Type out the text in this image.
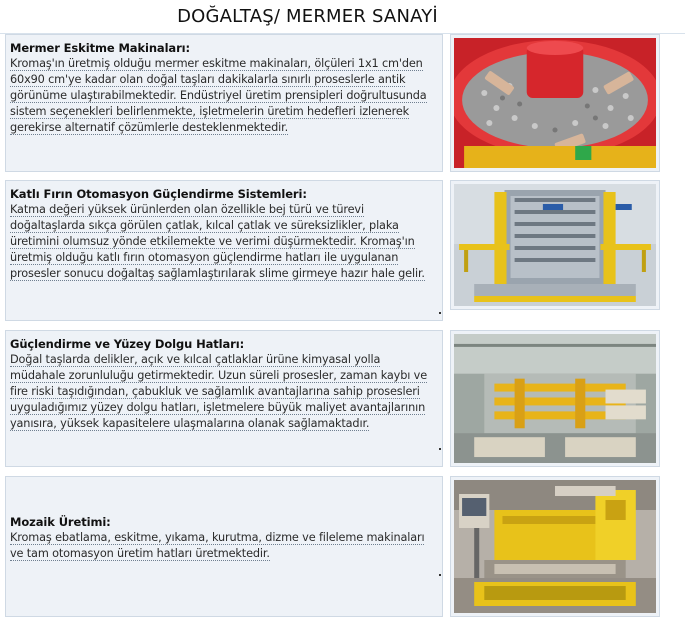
DOĞALTAŞ/ MERMER SANAYİ
Mermer Eskitme Makinaları:
Kromaş'ın üretmiş olduğu mermer eskitme makinaları, ölçüleri 1x1 cm'den 60x90 cm'ye kadar olan doğal taşları dakikalarla sınırlı proseslerle antik görünüme ulaştırabilmektedir. Endüstriyel üretim prensipleri doğrultusunda sistem seçenekleri belirlenmekte, işletmelerin üretim hedefleri izlenerek gerekirse alternatif çözümlerle desteklenmektedir.
Katlı Fırın Otomasyon Güçlendirme Sistemleri:
Katma değeri yüksek ürünlerden olan özellikle bej türü ve türevi doğaltaşlarda sıkça görülen çatlak, kılcal çatlak ve süreksizlikler, plaka üretimini olumsuz yönde etkilemekte ve verimi düşürmektedir. Kromaş'ın üretmiş olduğu katlı fırın otomasyon güçlendirme hatları ile uygulanan prosesler sonucu doğaltaş sağlamlaştırılarak slime girmeye hazır hale gelir.
Güçlendirme ve Yüzey Dolgu Hatları:
Doğal taşlarda delikler, açık ve kılcal çatlaklar ürüne kimyasal yolla müdahale zorunluluğu getirmektedir. Uzun süreli prosesler, zaman kaybı ve fire riski taşıdığından, çabukluk ve sağlamlık avantajlarına sahip prosesleri uyguladığımız yüzey dolgu hatları, işletmelere büyük maliyet avantajlarının yanısıra, yüksek kapasitelere ulaşmalarına olanak sağlamaktadır.
Mozaik Üretimi:
Kromaş ebatlama, eskitme, yıkama, kurutma, dizme ve fileleme makinaları ve tam otomasyon üretim hatları üretmektedir.
